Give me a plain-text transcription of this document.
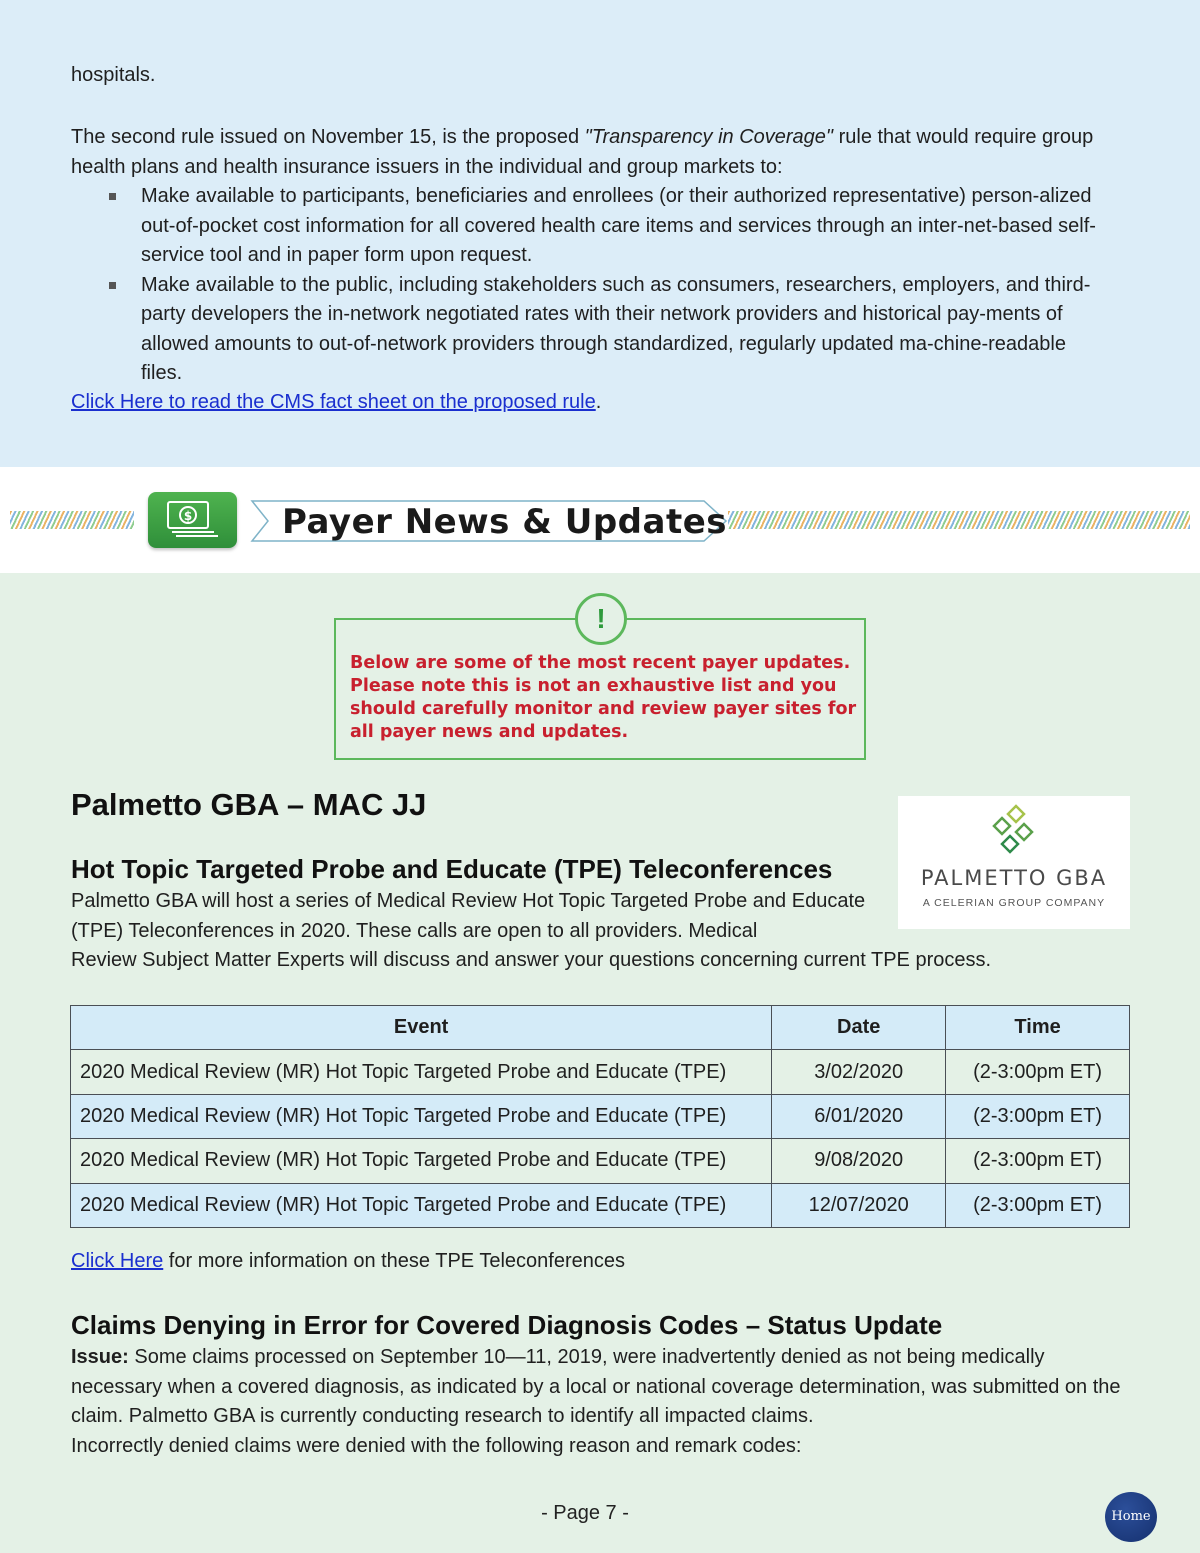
hospitals.

The second rule issued on November 15, is the proposed "Transparency in Coverage" rule that would require group health plans and health insurance issuers in the individual and group markets to:

Make available to participants, beneficiaries and enrollees (or their authorized representative) person-alized out-of-pocket cost information for all covered health care items and services through an inter-net-based self-service tool and in paper form upon request.
Make available to the public, including stakeholders such as consumers, researchers, employers, and third-party developers the in-network negotiated rates with their network providers and historical pay-ments of allowed amounts to out-of-network providers through standardized, regularly updated ma-chine-readable files.
Click Here to read the CMS fact sheet on the proposed rule.
$	Payer News & Updates
!
Below are some of the most recent payer updates. Please note this is not an exhaustive list and you should carefully monitor and review payer sites for all payer news and updates.
Palmetto GBA – MAC JJ
PALMETTO GBA
A CELERIAN GROUP COMPANY
Hot Topic Targeted Probe and Educate (TPE) Teleconferences
Palmetto GBA will host a series of Medical Review Hot Topic Targeted Probe and Educate (TPE) Teleconferences in 2020. These calls are open to all providers. Medical
Review Subject Matter Experts will discuss and answer your questions concerning current TPE process.
Event	Date	Time
2020 Medical Review (MR) Hot Topic Targeted Probe and Educate (TPE)	3/02/2020	(2-3:00pm ET)
2020 Medical Review (MR) Hot Topic Targeted Probe and Educate (TPE)	6/01/2020	(2-3:00pm ET)
2020 Medical Review (MR) Hot Topic Targeted Probe and Educate (TPE)	9/08/2020	(2-3:00pm ET)
2020 Medical Review (MR) Hot Topic Targeted Probe and Educate (TPE)	12/07/2020	(2-3:00pm ET)
Click Here for more information on these TPE Teleconferences
Claims Denying in Error for Covered Diagnosis Codes – Status Update
Issue: Some claims processed on September 10—11, 2019, were inadvertently denied as not being medically necessary when a covered diagnosis, as indicated by a local or national coverage determination, was submitted on the claim. Palmetto GBA is currently conducting research to identify all impacted claims.
Incorrectly denied claims were denied with the following reason and remark codes:
- Page 7 -	Home
